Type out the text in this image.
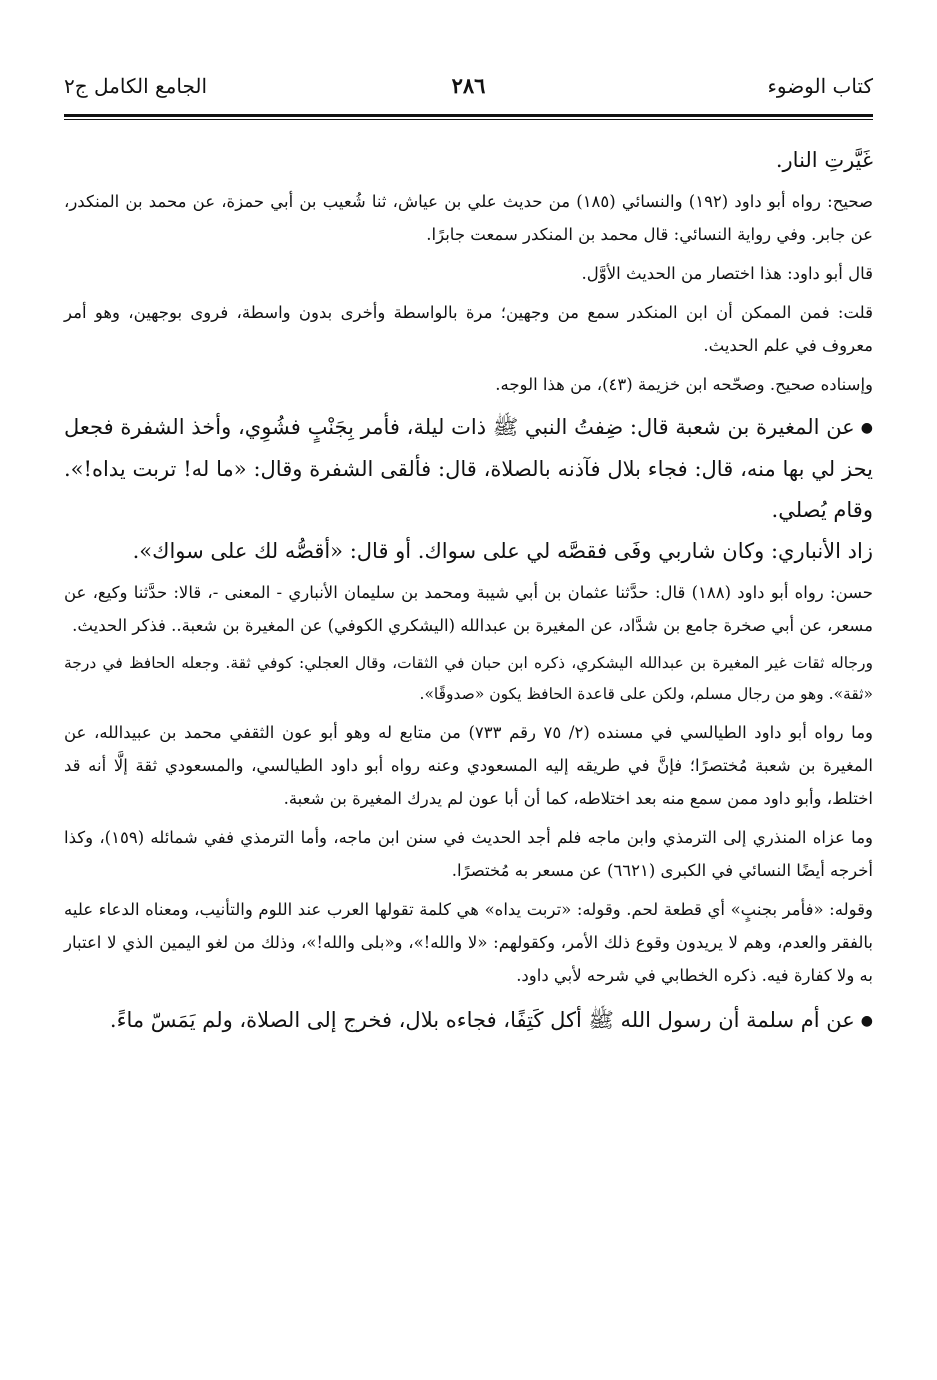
الجامع الكامل ج٢	٢٨٦	كتاب الوضوء

غَيَّرتِ النار.

صحيح: رواه أبو داود (١٩٢) والنسائي (١٨٥) من حديث علي بن عياش، ثنا شُعيب بن أبي حمزة، عن محمد بن المنكدر، عن جابر. وفي رواية النسائي: قال محمد بن المنكدر سمعت جابرًا.

قال أبو داود: هذا اختصار من الحديث الأوَّل.

قلت: فمن الممكن أن ابن المنكدر سمع من وجهين؛ مرة بالواسطة وأخرى بدون واسطة، فروى بوجهين، وهو أمر معروف في علم الحديث.

وإسناده صحيح. وصحّحه ابن خزيمة (٤٣)، من هذا الوجه.

● عن المغيرة بن شعبة قال: ضِفتُ النبي ﷺ ذات ليلة، فأمر بِجَنْبٍ فشُوِي، وأخذ الشفرة فجعل يحز لي بها منه، قال: فجاء بلال فآذنه بالصلاة، قال: فألقى الشفرة وقال: «ما له! تربت يداه!». وقام يُصلي.

زاد الأنباري: وكان شاربي وفَى فقصَّه لي على سواك. أو قال: «أقصُّه لك على سواك».

حسن: رواه أبو داود (١٨٨) قال: حدَّثنا عثمان بن أبي شيبة ومحمد بن سليمان الأنباري - المعنى -، قالا: حدَّثنا وكيع، عن مسعر، عن أبي صخرة جامع بن شدَّاد، عن المغيرة بن عبدالله (اليشكري الكوفي) عن المغيرة بن شعبة.. فذكر الحديث.

ورجاله ثقات غير المغيرة بن عبدالله اليشكري، ذكره ابن حبان في الثقات، وقال العجلي: كوفي ثقة. وجعله الحافظ في درجة «ثقة». وهو من رجال مسلم، ولكن على قاعدة الحافظ يكون «صدوقًا».

وما رواه أبو داود الطيالسي في مسنده (٢/ ٧٥ رقم ٧٣٣) من متابع له وهو أبو عون الثقفي محمد بن عبيدالله، عن المغيرة بن شعبة مُختصرًا؛ فإنَّ في طريقه إليه المسعودي وعنه رواه أبو داود الطيالسي، والمسعودي ثقة إلَّا أنه قد اختلط، وأبو داود ممن سمع منه بعد اختلاطه، كما أن أبا عون لم يدرك المغيرة بن شعبة.

وما عزاه المنذري إلى الترمذي وابن ماجه فلم أجد الحديث في سنن ابن ماجه، وأما الترمذي ففي شمائله (١٥٩)، وكذا أخرجه أيضًا النسائي في الكبرى (٦٦٢١) عن مسعر به مُختصرًا.

وقوله: «فأمر بجنبٍ» أي قطعة لحم. وقوله: «تربت يداه» هي كلمة تقولها العرب عند اللوم والتأنيب، ومعناه الدعاء عليه بالفقر والعدم، وهم لا يريدون وقوع ذلك الأمر، وكقولهم: «لا والله!»، و«بلى والله!»، وذلك من لغو اليمين الذي لا اعتبار به ولا كفارة فيه. ذكره الخطابي في شرحه لأبي داود.

● عن أم سلمة أن رسول الله ﷺ أكل كَتِفًا، فجاءه بلال، فخرج إلى الصلاة، ولم يَمَسّ ماءً.
